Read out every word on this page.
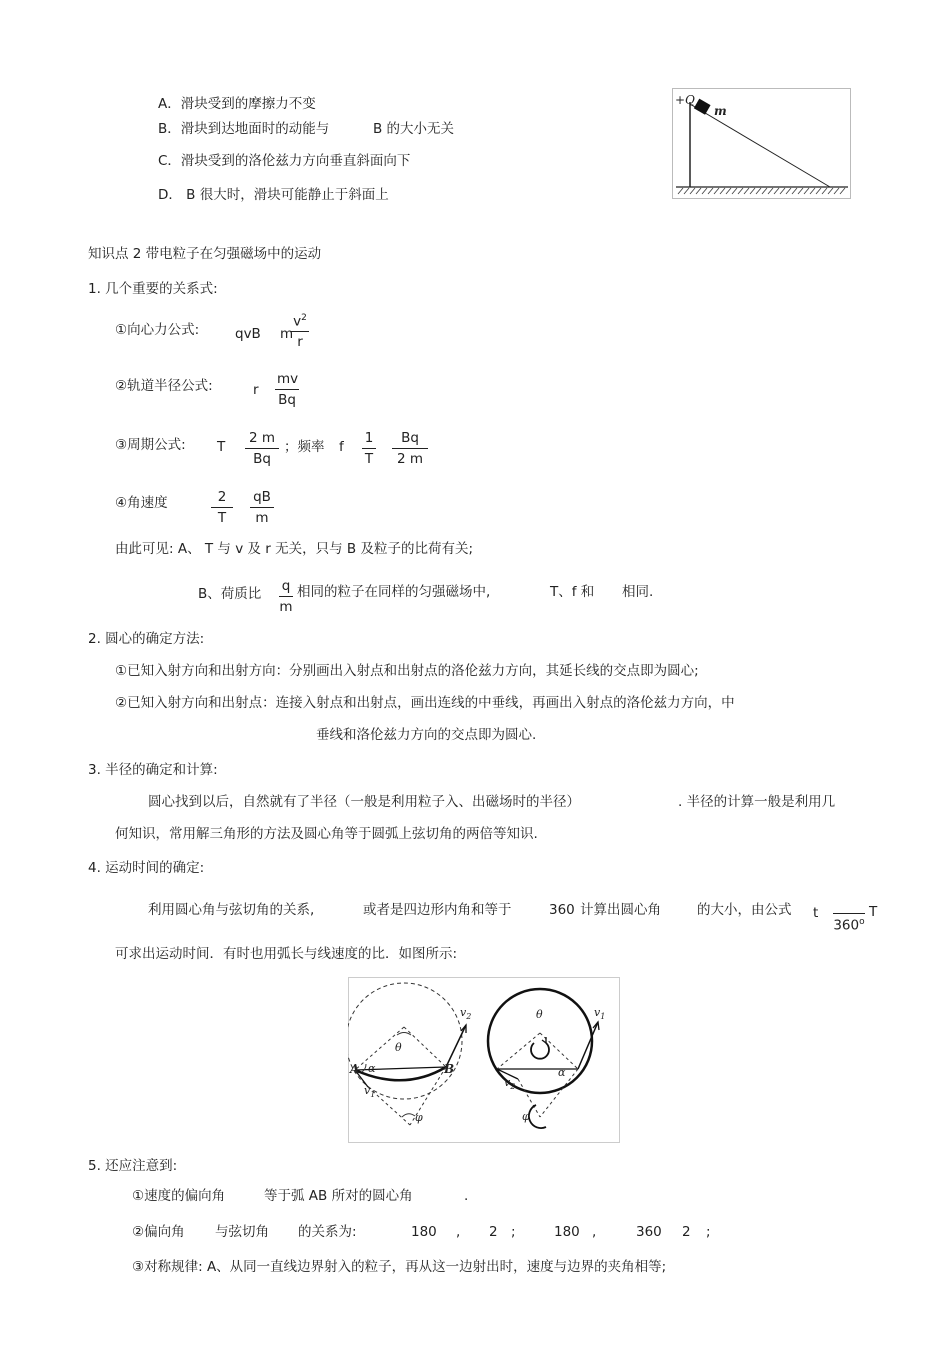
A．滑块受到的摩擦力不变
B．滑块到达地面时的动能与	B 的大小无关
C．滑块受到的洛伦兹力方向垂直斜面向下
D． B 很大时，滑块可能静止于斜面上
+Q
m
知识点 2 带电粒子在匀强磁场中的运动
1. 几个重要的关系式:
①向心力公式:	qvB m
$v^2$
r
②轨道半径公式:	r
mv
Bq
③周期公式: T
2 m
Bq
；频率 f
1
T
Bq
2 m
④角速度	2
T
qB
m
由此可见: A、 T 与 v 及 r 无关，只与 B 及粒子的比荷有关;
B、荷质比 q
m
相同的粒子在同样的匀强磁场中,	T、f 和 相同.
2. 圆心的确定方法:
①已知入射方向和出射方向：分别画出入射点和出射点的洛伦兹力方向，其延长线的交点即为圆心;
②已知入射方向和出射点：连接入射点和出射点，画出连线的中垂线，再画出入射点的洛伦兹力方向，中
垂线和洛伦兹力方向的交点即为圆心.
3. 半径的确定和计算:
圆心找到以后，自然就有了半径（一般是利用粒子入、出磁场时的半径）	. 半径的计算一般是利用几
何知识，常用解三角形的方法及圆心角等于圆弧上弦切角的两倍等知识.
4. 运动时间的确定:
利用圆心角与弦切角的关系,	或者是四边形内角和等于	360 计算出圆心角	的大小，由公式 t

360$^o$
T
可求出运动时间．有时也用弧长与线速度的比．如图所示:
$v_2$
θ
A	B
α
$v_1$
φ
$v_1$
θ
α
$v_2$
φ
5. 还应注意到:
①速度的偏向角	等于弧 AB 所对的圆心角	.
②偏向角 与弦切角 的关系为:	180 , 2 ;	180 ,	360 2 ;
③对称规律: A、从同一直线边界射入的粒子，再从这一边射出时，速度与边界的夹角相等;
